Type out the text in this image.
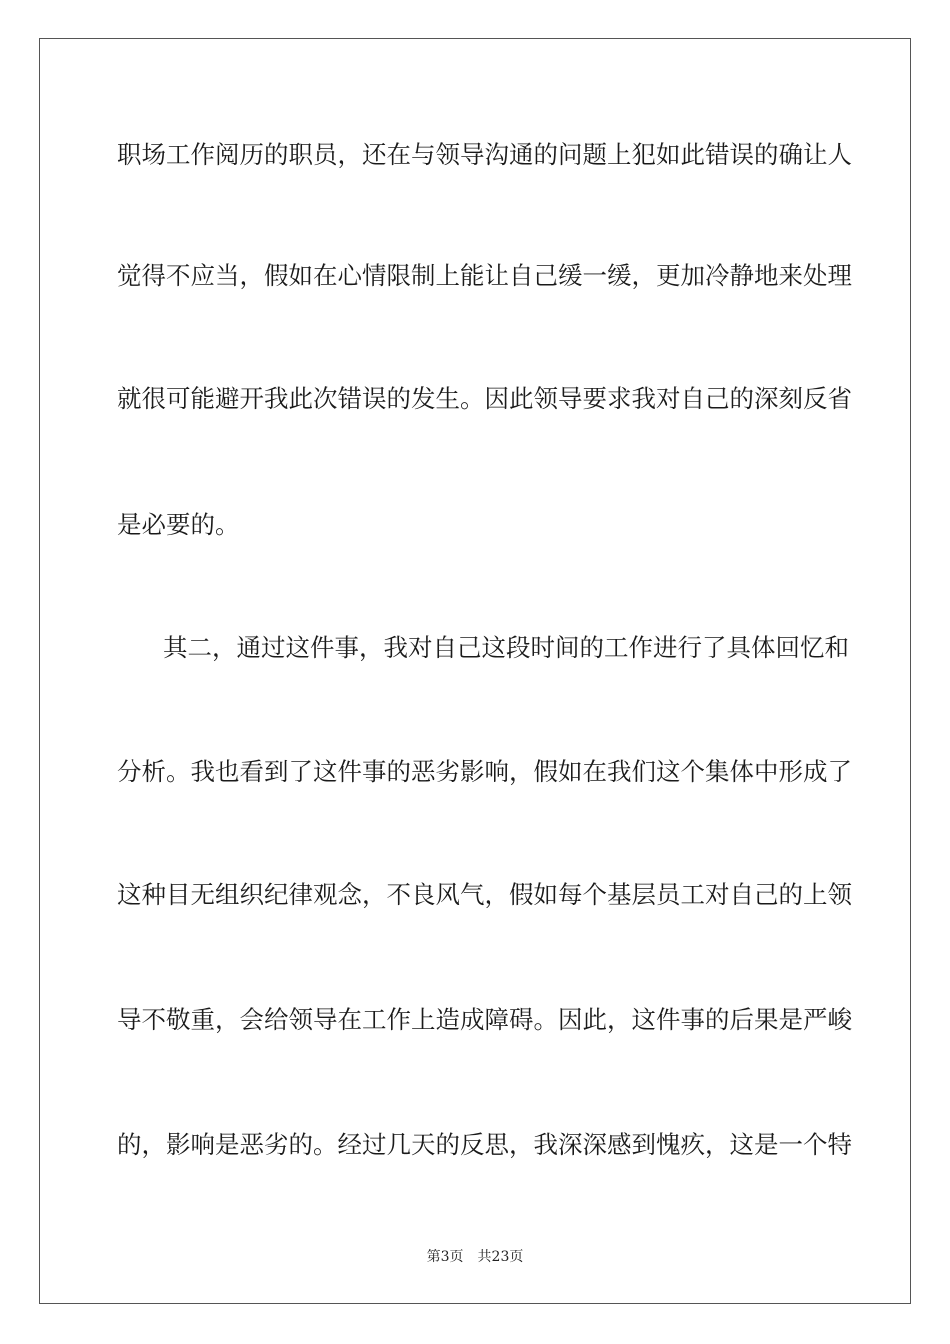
职场工作阅历的职员，还在与领导沟通的问题上犯如此错误的确让人
觉得不应当，假如在心情限制上能让自己缓一缓，更加冷静地来处理
就很可能避开我此次错误的发生。因此领导要求我对自己的深刻反省
是必要的。
其二，通过这件事，我对自己这段时间的工作进行了具体回忆和
分析。我也看到了这件事的恶劣影响，假如在我们这个集体中形成了
这种目无组织纪律观念，不良风气，假如每个基层员工对自己的上领
导不敬重，会给领导在工作上造成障碍。因此，这件事的后果是严峻
的，影响是恶劣的。经过几天的反思，我深深感到愧疚，这是一个特
第3页 共23页
